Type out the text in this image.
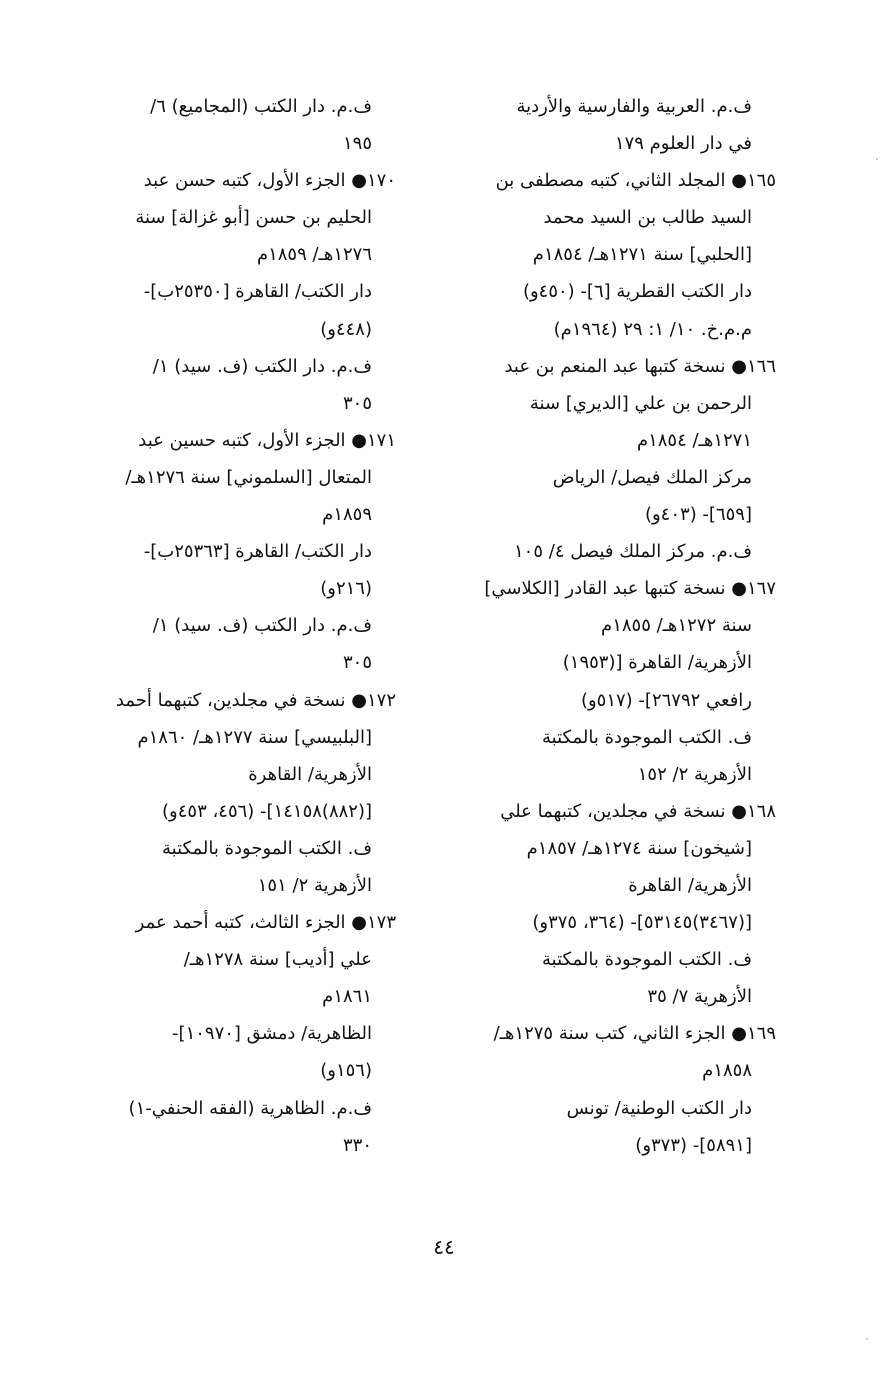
ف.م. العربية والفارسية والأردية
في دار العلوم ١٧٩
١٦٥● المجلد الثاني، كتبه مصطفى بن
السيد طالب بن السيد محمد
[الحلبي] سنة ١٢٧١هـ/ ١٨٥٤م
دار الكتب القطرية [٦]- (٤٥٠و)
م.م.خ. ١٠/ ١: ٢٩ (١٩٦٤م)
١٦٦● نسخة كتبها عبد المنعم بن عبد
الرحمن بن علي [الديري] سنة
١٢٧١هـ/ ١٨٥٤م
مركز الملك فيصل/ الرياض
[٦٥٩]- (٤٠٣و)
ف.م. مركز الملك فيصل ٤/ ١٠٥
١٦٧● نسخة كتبها عبد القادر [الكلاسي]
سنة ١٢٧٢هـ/ ١٨٥٥م
الأزهرية/ القاهرة [(١٩٥٣)
رافعي ٢٦٧٩٢]- (٥١٧و)
ف. الكتب الموجودة بالمكتبة
الأزهرية ٢/ ١٥٢
١٦٨● نسخة في مجلدين، كتبهما علي
[شيخون] سنة ١٢٧٤هـ/ ١٨٥٧م
الأزهرية/ القاهرة
[(٣٤٦٧)٥٣١٤٥]- (٣٦٤، ٣٧٥و)
ف. الكتب الموجودة بالمكتبة
الأزهرية ٧/ ٣٥
١٦٩● الجزء الثاني، كتب سنة ١٢٧٥هـ/
١٨٥٨م
دار الكتب الوطنية/ تونس
[٥٨٩١]- (٣٧٣و)
ف.م. دار الكتب (المجاميع) ٦/
١٩٥
١٧٠● الجزء الأول، كتبه حسن عبد
الحليم بن حسن [أبو غزالة] سنة
١٢٧٦هـ/ ١٨٥٩م
دار الكتب/ القاهرة [٢٥٣٥٠ب]-
(٤٤٨و)
ف.م. دار الكتب (ف. سيد) ١/
٣٠٥
١٧١● الجزء الأول، كتبه حسين عبد
المتعال [السلموني] سنة ١٢٧٦هـ/
١٨٥٩م
دار الكتب/ القاهرة [٢٥٣٦٣ب]-
(٢١٦و)
ف.م. دار الكتب (ف. سيد) ١/
٣٠٥
١٧٢● نسخة في مجلدين، كتبهما أحمد
[البلبيسي] سنة ١٢٧٧هـ/ ١٨٦٠م
الأزهرية/ القاهرة
[(٨٨٢)١٤١٥٨]- (٤٥٦، ٤٥٣و)
ف. الكتب الموجودة بالمكتبة
الأزهرية ٢/ ١٥١
١٧٣● الجزء الثالث، كتبه أحمد عمر
علي [أديب] سنة ١٢٧٨هـ/
١٨٦١م
الظاهرية/ دمشق [١٠٩٧٠]-
(١٥٦و)
ف.م. الظاهرية (الفقه الحنفي-١)
٣٣٠
٤٤
